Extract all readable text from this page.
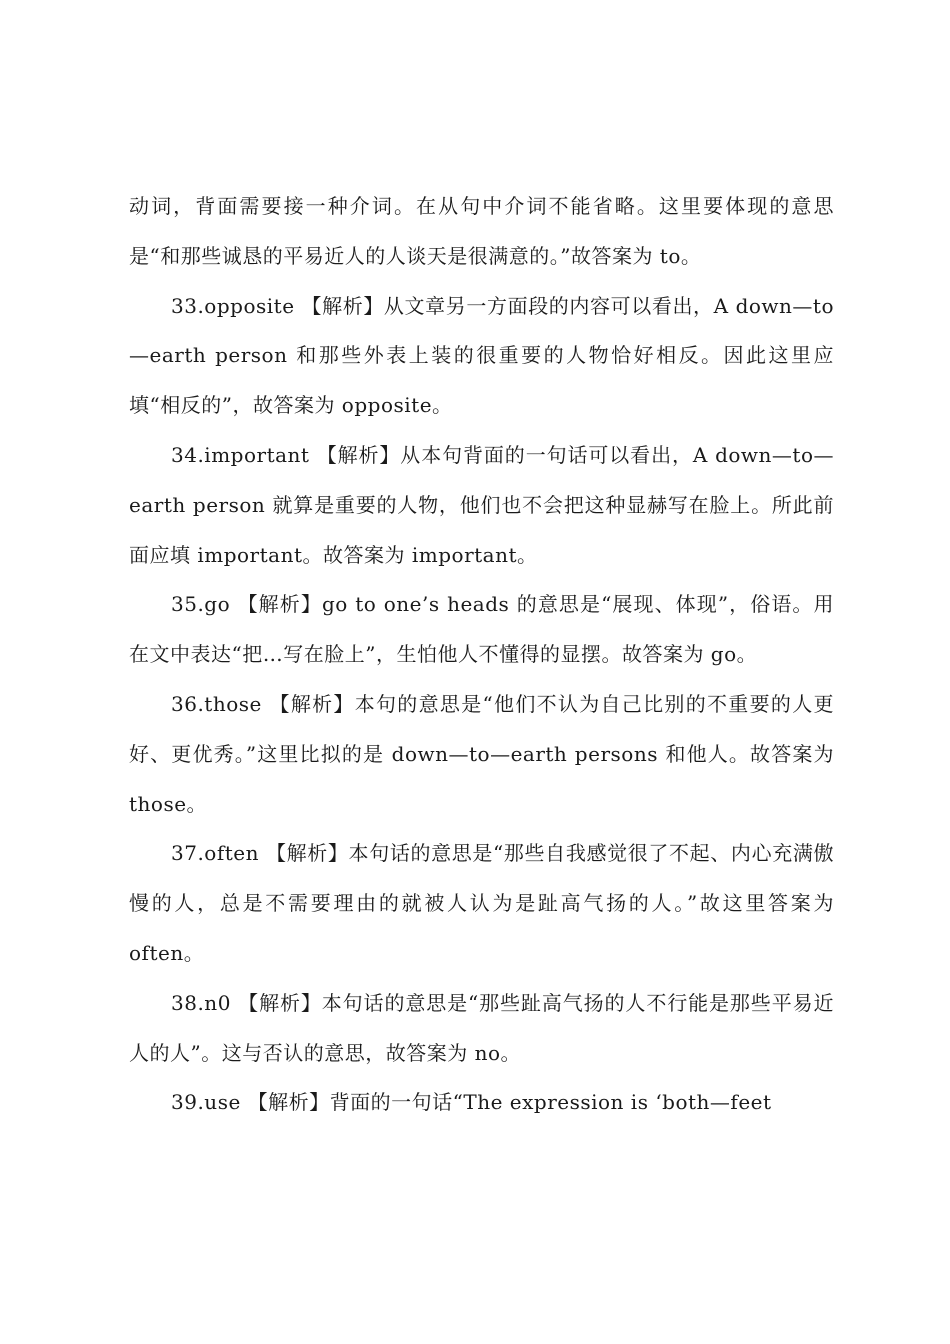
动词，背面需要接一种介词。在从句中介词不能省略。这里要体现的意思是“和那些诚恳的平易近人的人谈天是很满意的。”故答案为 to。

33.opposite 【解析】从文章另一方面段的内容可以看出，A down—to—earth person 和那些外表上装的很重要的人物恰好相反。因此这里应填“相反的”，故答案为 opposite。

34.important 【解析】从本句背面的一句话可以看出，A down—to—earth person 就算是重要的人物，他们也不会把这种显赫写在脸上。所此前面应填 important。故答案为 important。

35.go 【解析】go to one’s heads 的意思是“展现、体现”，俗语。用在文中表达“把…写在脸上”，生怕他人不懂得的显摆。故答案为 go。

36.those 【解析】本句的意思是“他们不认为自己比别的不重要的人更好、更优秀。”这里比拟的是 down—to—earth persons 和他人。故答案为 those。

37.often 【解析】本句话的意思是“那些自我感觉很了不起、内心充满傲慢的人，总是不需要理由的就被人认为是趾高气扬的人。”故这里答案为 often。

38.n0 【解析】本句话的意思是“那些趾高气扬的人不行能是那些平易近人的人”。这与否认的意思，故答案为 no。

39.use 【解析】背面的一句话“The expression is ‘both—feet
